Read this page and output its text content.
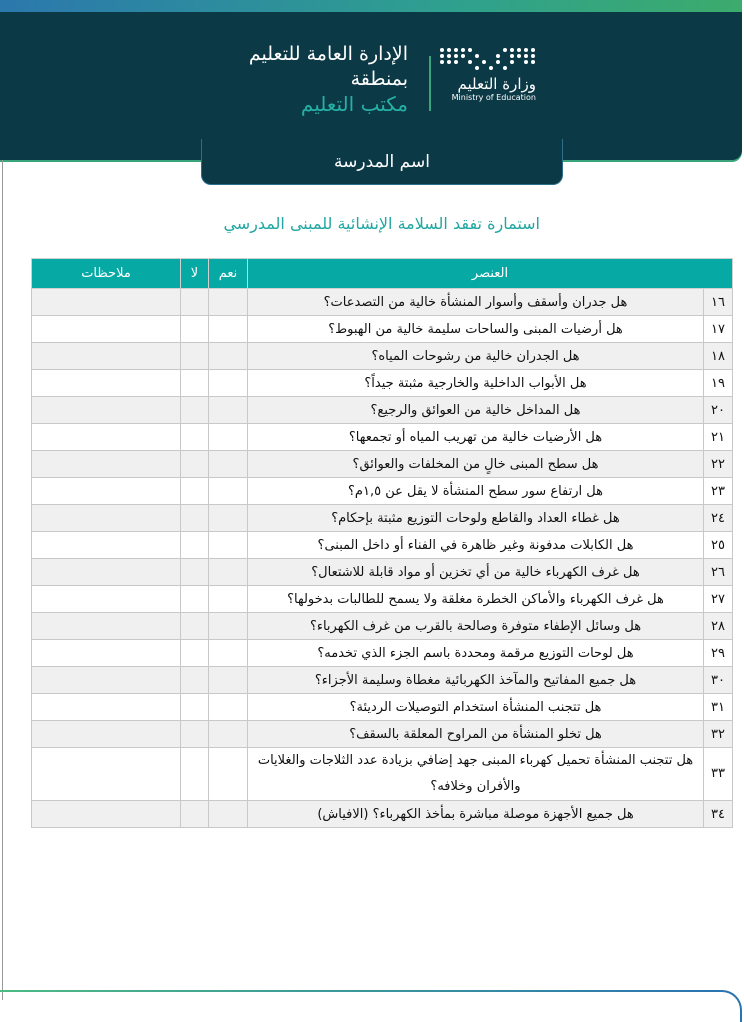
الإدارة العامة للتعليم
بمنطقة
مكتب التعليم
وزارة التعليم
Ministry of Education
اسم المدرسة
استمارة تفقد السلامة الإنشائية للمبنى المدرسي
العنصر		نعم	لا	ملاحظات
١٦	هل جدران وأسقف وأسوار المنشأة خالية من التصدعات؟			
١٧	هل أرضيات المبنى والساحات سليمة خالية من الهبوط؟			
١٨	هل الجدران خالية من رشوحات المياه؟			
١٩	هل الأبواب الداخلية والخارجية مثبتة جيداً؟			
٢٠	هل المداخل خالية من العوائق والرجيع؟			
٢١	هل الأرضيات خالية من تهريب المياه أو تجمعها؟			
٢٢	هل سطح المبنى خالٍ من المخلفات والعوائق؟			
٢٣	هل ارتفاع سور سطح المنشأة لا يقل عن ١,٥م؟			
٢٤	هل غطاء العداد والقاطع ولوحات التوزيع مثبتة بإحكام؟			
٢٥	هل الكابلات مدفونة وغير ظاهرة في الفناء أو داخل المبنى؟			
٢٦	هل غرف الكهرباء خالية من أي تخزين أو مواد قابلة للاشتعال؟			
٢٧	هل غرف الكهرباء والأماكن الخطرة مغلقة ولا يسمح للطالبات بدخولها؟			
٢٨	هل وسائل الإطفاء متوفرة وصالحة بالقرب من غرف الكهرباء؟			
٢٩	هل لوحات التوزيع مرقمة ومحددة باسم الجزء الذي تخدمه؟			
٣٠	هل جميع المفاتيح والمآخذ الكهربائية مغطاة وسليمة الأجزاء؟			
٣١	هل تتجنب المنشأة استخدام التوصيلات الرديئة؟			
٣٢	هل تخلو المنشأة من المراوح المعلقة بالسقف؟			
٣٣	هل تتجنب المنشأة تحميل كهرباء المبنى جهد إضافي بزيادة عدد الثلاجات والغلايات والأفران وخلافه؟			
٣٤	هل جميع الأجهزة موصلة مباشرة بمأخذ الكهرباء؟ (الافياش)			
